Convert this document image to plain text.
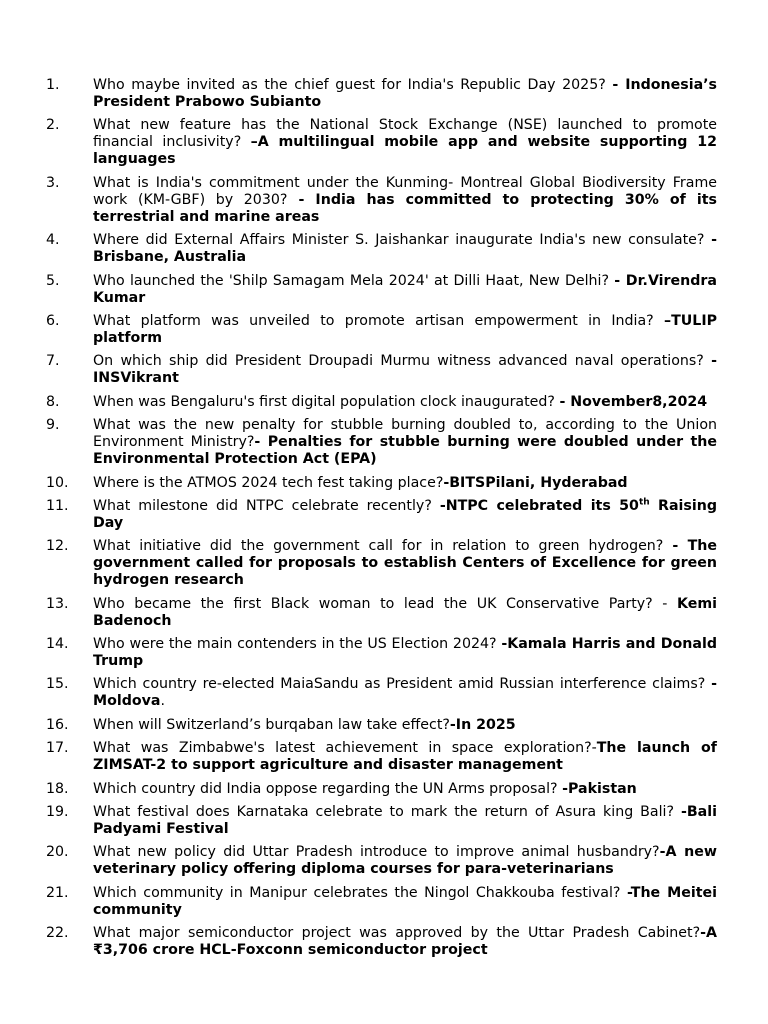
1. Who maybe invited as the chief guest for India's Republic Day 2025? - Indonesia’s President Prabowo Subianto
2. What new feature has the National Stock Exchange (NSE) launched to promote financial inclusivity? –A multilingual mobile app and website supporting 12 languages
3. What is India's commitment under the Kunming- Montreal Global Biodiversity Frame work (KM-GBF) by 2030? - India has committed to protecting 30% of its terrestrial and marine areas
4. Where did External Affairs Minister S. Jaishankar inaugurate India's new consulate? -Brisbane, Australia
5. Who launched the 'Shilp Samagam Mela 2024' at Dilli Haat, New Delhi? - Dr.Virendra Kumar
6. What platform was unveiled to promote artisan empowerment in India? –TULIP platform
7. On which ship did President Droupadi Murmu witness advanced naval operations? -INSVikrant
8. When was Bengaluru's first digital population clock inaugurated? - November8,2024
9. What was the new penalty for stubble burning doubled to, according to the Union Environment Ministry?- Penalties for stubble burning were doubled under the Environmental Protection Act (EPA)
10. Where is the ATMOS 2024 tech fest taking place?-BITSPilani, Hyderabad
11. What milestone did NTPC celebrate recently? -NTPC celebrated its 50th Raising Day
12. What initiative did the government call for in relation to green hydrogen? - The government called for proposals to establish Centers of Excellence for green hydrogen research
13. Who became the first Black woman to lead the UK Conservative Party? - Kemi Badenoch
14. Who were the main contenders in the US Election 2024? -Kamala Harris and Donald Trump
15. Which country re-elected MaiaSandu as President amid Russian interference claims? -Moldova.
16. When will Switzerland’s burqaban law take effect?-In 2025
17. What was Zimbabwe's latest achievement in space exploration?-The launch of ZIMSAT-2 to support agriculture and disaster management
18. Which country did India oppose regarding the UN Arms proposal? -Pakistan
19. What festival does Karnataka celebrate to mark the return of Asura king Bali? -Bali Padyami Festival
20. What new policy did Uttar Pradesh introduce to improve animal husbandry?-A new veterinary policy offering diploma courses for para-veterinarians
21. Which community in Manipur celebrates the Ningol Chakkouba festival? -The Meitei community
22. What major semiconductor project was approved by the Uttar Pradesh Cabinet?-A ₹3,706 crore HCL-Foxconn semiconductor project
